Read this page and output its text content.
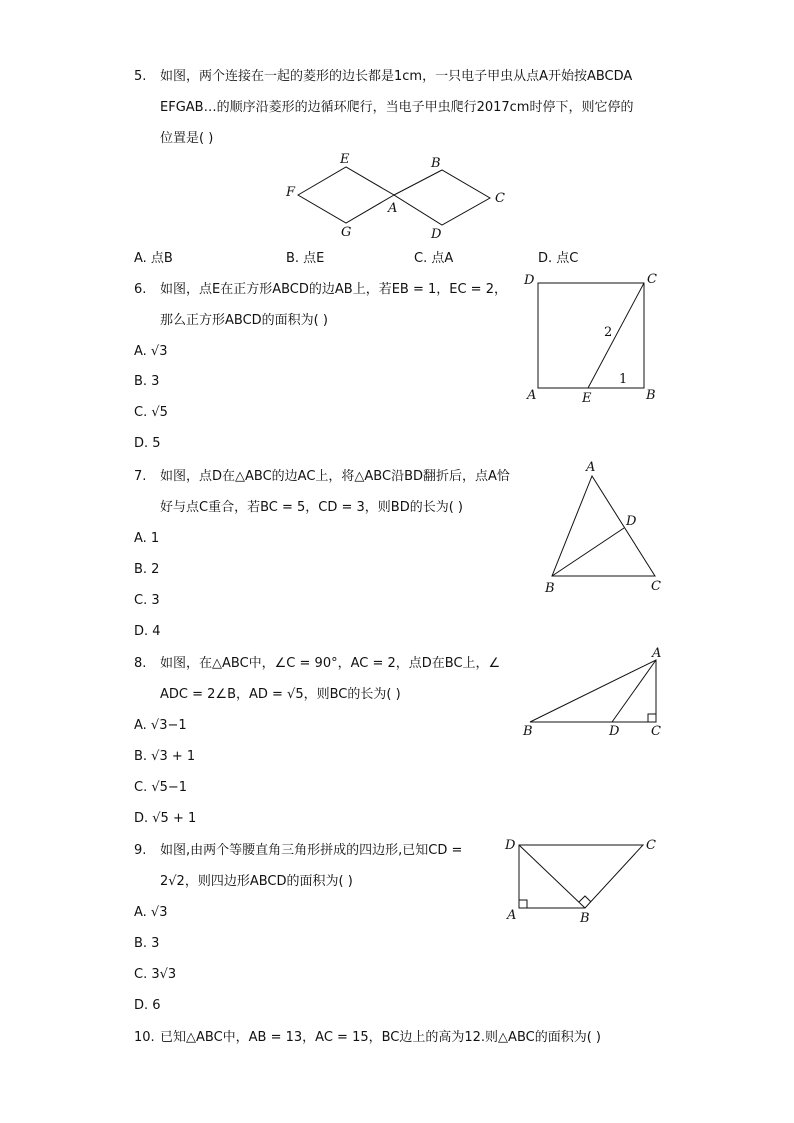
5. 如图，两个连接在一起的菱形的边长都是1cm，一只电子甲虫从点A开始按ABCDA
EFGAB…的顺序沿菱形的边循环爬行，当电子甲虫爬行2017cm时停下，则它停的
位置是( )
E	B
F
A
C
G	D
A. 点B	B. 点E	C. 点A	D. 点C
6. 如图，点E在正方形ABCD的边AB上，若EB = 1，EC = 2，
那么正方形ABCD的面积为( )
A. √3
B. 3
C. √5
D. 5
D	C
A	E	B
2
1
7. 如图，点D在△ABC的边AC上，将△ABC沿BD翻折后，点A恰
好与点C重合，若BC = 5，CD = 3，则BD的长为( )
A. 1
B. 2
C. 3
D. 4
A
D
B	C
8. 如图，在△ABC中，∠C = 90°，AC = 2，点D在BC上，∠
ADC = 2∠B，AD = √5，则BC的长为( )
A. √3−1
B. √3 + 1
C. √5−1
D. √5 + 1
A
B	D C
9. 如图,由两个等腰直角三角形拼成的四边形,已知CD =
2√2，则四边形ABCD的面积为( )
A. √3
B. 3
C. 3√3
D. 6
D	C
A	B
10. 已知△ABC中，AB = 13，AC = 15，BC边上的高为12.则△ABC的面积为( )
